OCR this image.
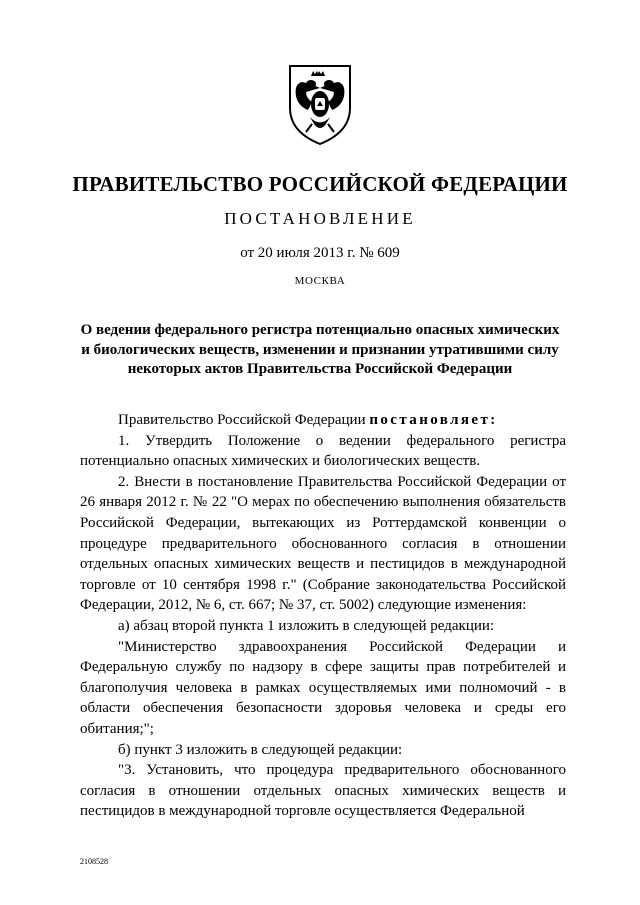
ПРАВИТЕЛЬСТВО РОССИЙСКОЙ ФЕДЕРАЦИИ
ПОСТАНОВЛЕНИЕ
от 20 июля 2013 г. № 609
МОСКВА
О ведении федерального регистра потенциально опасных химических и биологических веществ, изменении и признании утратившими силу некоторых актов Правительства Российской Федерации

Правительство Российской Федерации постановляет:

1. Утвердить Положение о ведении федерального регистра потенциально опасных химических и биологических веществ.

2. Внести в постановление Правительства Российской Федерации от 26 января 2012 г. № 22 "О мерах по обеспечению выполнения обязательств Российской Федерации, вытекающих из Роттердамской конвенции о процедуре предварительного обоснованного согласия в отношении отдельных опасных химических веществ и пестицидов в международной торговле от 10 сентября 1998 г." (Собрание законодательства Российской Федерации, 2012, № 6, ст. 667; № 37, ст. 5002) следующие изменения:

а) абзац второй пункта 1 изложить в следующей редакции:

"Министерство здравоохранения Российской Федерации и Федеральную службу по надзору в сфере защиты прав потребителей и благополучия человека в рамках осуществляемых ими полномочий - в области обеспечения безопасности здоровья человека и среды его обитания;";

б) пункт 3 изложить в следующей редакции:

"3. Установить, что процедура предварительного обоснованного согласия в отношении отдельных опасных химических веществ и пестицидов в международной торговле осуществляется Федеральной

2108528
